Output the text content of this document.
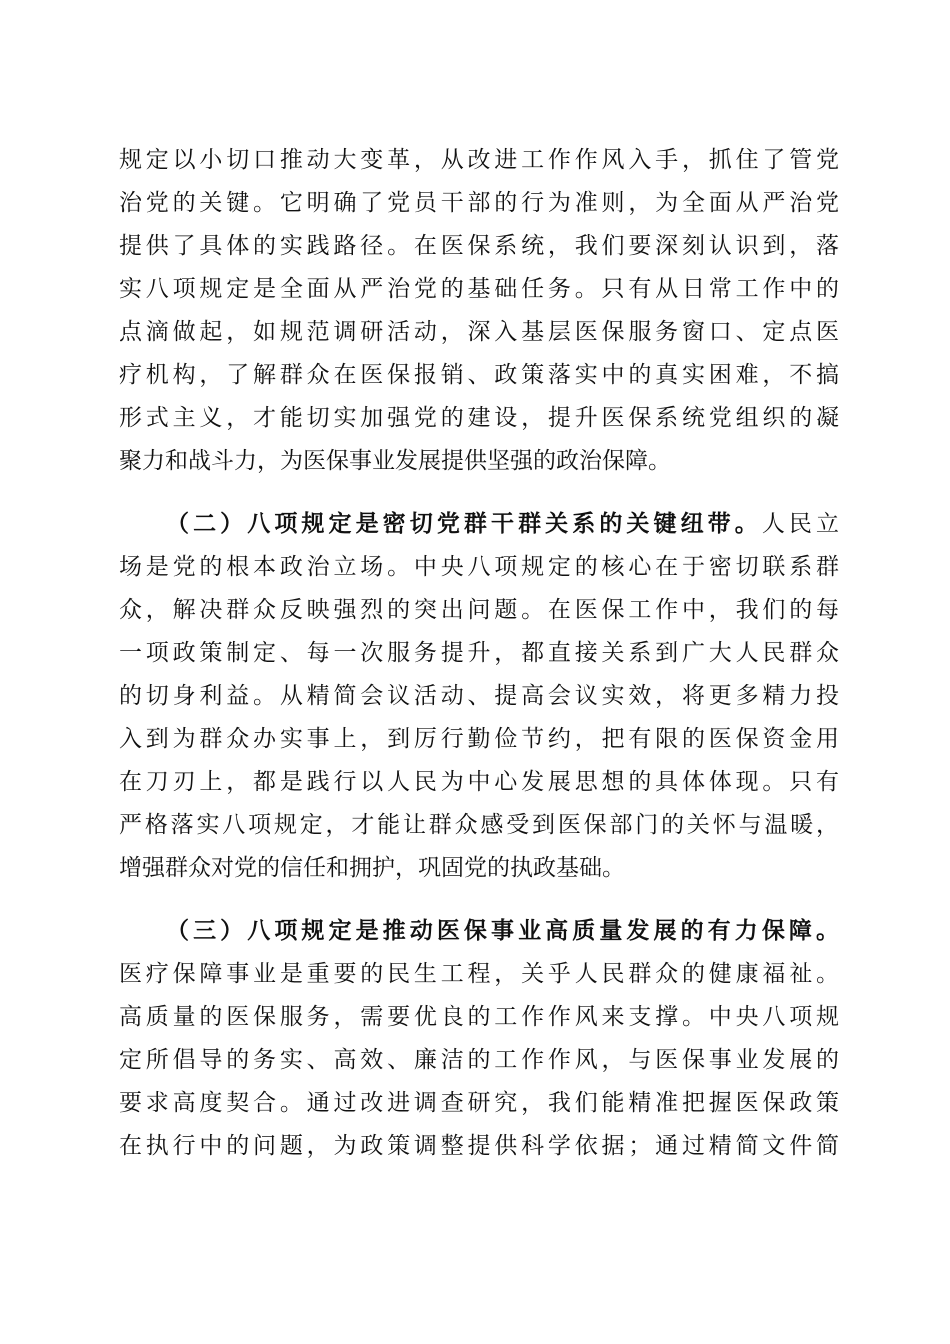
规定以小切口推动大变革，从改进工作作风入手，抓住了管党
治党的关键。它明确了党员干部的行为准则，为全面从严治党
提供了具体的实践路径。在医保系统，我们要深刻认识到，落
实八项规定是全面从严治党的基础任务。只有从日常工作中的
点滴做起，如规范调研活动，深入基层医保服务窗口、定点医
疗机构，了解群众在医保报销、政策落实中的真实困难，不搞
形式主义，才能切实加强党的建设，提升医保系统党组织的凝
聚力和战斗力，为医保事业发展提供坚强的政治保障。
（二）八项规定是密切党群干群关系的关键纽带。人民立
场是党的根本政治立场。中央八项规定的核心在于密切联系群
众，解决群众反映强烈的突出问题。在医保工作中，我们的每
一项政策制定、每一次服务提升，都直接关系到广大人民群众
的切身利益。从精简会议活动、提高会议实效，将更多精力投
入到为群众办实事上，到厉行勤俭节约，把有限的医保资金用
在刀刃上，都是践行以人民为中心发展思想的具体体现。只有
严格落实八项规定，才能让群众感受到医保部门的关怀与温暖，
增强群众对党的信任和拥护，巩固党的执政基础。
（三）八项规定是推动医保事业高质量发展的有力保障。
医疗保障事业是重要的民生工程，关乎人民群众的健康福祉。
高质量的医保服务，需要优良的工作作风来支撑。中央八项规
定所倡导的务实、高效、廉洁的工作作风，与医保事业发展的
要求高度契合。通过改进调查研究，我们能精准把握医保政策
在执行中的问题，为政策调整提供科学依据；通过精简文件简
